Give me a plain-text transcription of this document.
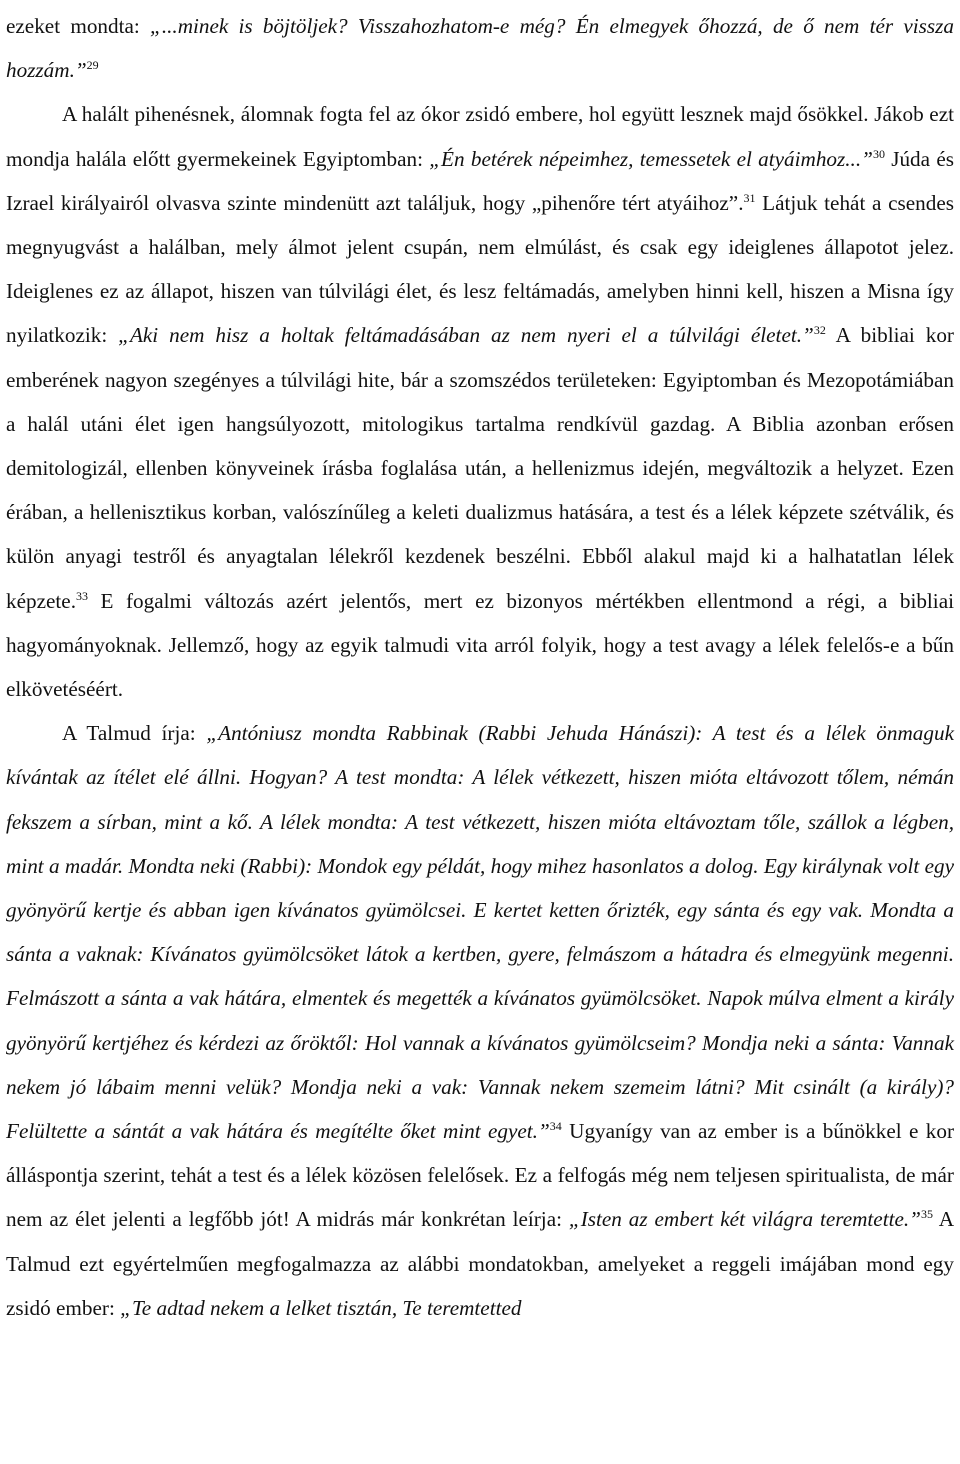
ezeket mondta: „...minek is böjtöljek? Visszahozhatom-e még? Én elmegyek őhozzá, de ő nem tér vissza hozzám.”$^{29}$

A halált pihenésnek, álomnak fogta fel az ókor zsidó embere, hol együtt lesznek majd ősökkel. Jákob ezt mondja halála előtt gyermekeinek Egyiptomban: „Én betérek népeimhez, temessetek el atyáimhoz...”$^{30}$ Júda és Izrael királyairól olvasva szinte mindenütt azt találjuk, hogy „pihenőre tért atyáihoz”.$^{31}$ Látjuk tehát a csendes megnyugvást a halálban, mely álmot jelent csupán, nem elmúlást, és csak egy ideiglenes állapotot jelez. Ideiglenes ez az állapot, hiszen van túlvilági élet, és lesz feltámadás, amelyben hinni kell, hiszen a Misna így nyilatkozik: „Aki nem hisz a holtak feltámadásában az nem nyeri el a túlvilági életet.”$^{32}$ A bibliai kor emberének nagyon szegényes a túlvilági hite, bár a szomszédos területeken: Egyiptomban és Mezopotámiában a halál utáni élet igen hangsúlyozott, mitologikus tartalma rendkívül gazdag. A Biblia azonban erősen demitologizál, ellenben könyveinek írásba foglalása után, a hellenizmus idején, megváltozik a helyzet. Ezen érában, a hellenisztikus korban, valószínűleg a keleti dualizmus hatására, a test és a lélek képzete szétválik, és külön anyagi testről és anyagtalan lélekről kezdenek beszélni. Ebből alakul majd ki a halhatatlan lélek képzete.$^{33}$ E fogalmi változás azért jelentős, mert ez bizonyos mértékben ellentmond a régi, a bibliai hagyományoknak. Jellemző, hogy az egyik talmudi vita arról folyik, hogy a test avagy a lélek felelős-e a bűn elkövetéséért.

A Talmud írja: „Antóniusz mondta Rabbinak (Rabbi Jehuda Hánászi): A test és a lélek önmaguk kívántak az ítélet elé állni. Hogyan? A test mondta: A lélek vétkezett, hiszen mióta eltávozott tőlem, némán fekszem a sírban, mint a kő. A lélek mondta: A test vétkezett, hiszen mióta eltávoztam tőle, szállok a légben, mint a madár. Mondta neki (Rabbi): Mondok egy példát, hogy mihez hasonlatos a dolog. Egy királynak volt egy gyönyörű kertje és abban igen kívánatos gyümölcsei. E kertet ketten őrizték, egy sánta és egy vak. Mondta a sánta a vaknak: Kívánatos gyümölcsöket látok a kertben, gyere, felmászom a hátadra és elmegyünk megenni. Felmászott a sánta a vak hátára, elmentek és megették a kívánatos gyümölcsöket. Napok múlva elment a király gyönyörű kertjéhez és kérdezi az őröktől: Hol vannak a kívánatos gyümölcseim? Mondja neki a sánta: Vannak nekem jó lábaim menni velük? Mondja neki a vak: Vannak nekem szemeim látni? Mit csinált (a király)? Felültette a sántát a vak hátára és megítélte őket mint egyet.”$^{34}$ Ugyanígy van az ember is a bűnökkel e kor álláspontja szerint, tehát a test és a lélek közösen felelősek. Ez a felfogás még nem teljesen spiritualista, de már nem az élet jelenti a legfőbb jót! A midrás már konkrétan leírja: „Isten az embert két világra teremtette.”$^{35}$ A Talmud ezt egyértelműen megfogalmazza az alábbi mondatokban, amelyeket a reggeli imájában mond egy zsidó ember: „Te adtad nekem a lelket tisztán, Te teremtetted
